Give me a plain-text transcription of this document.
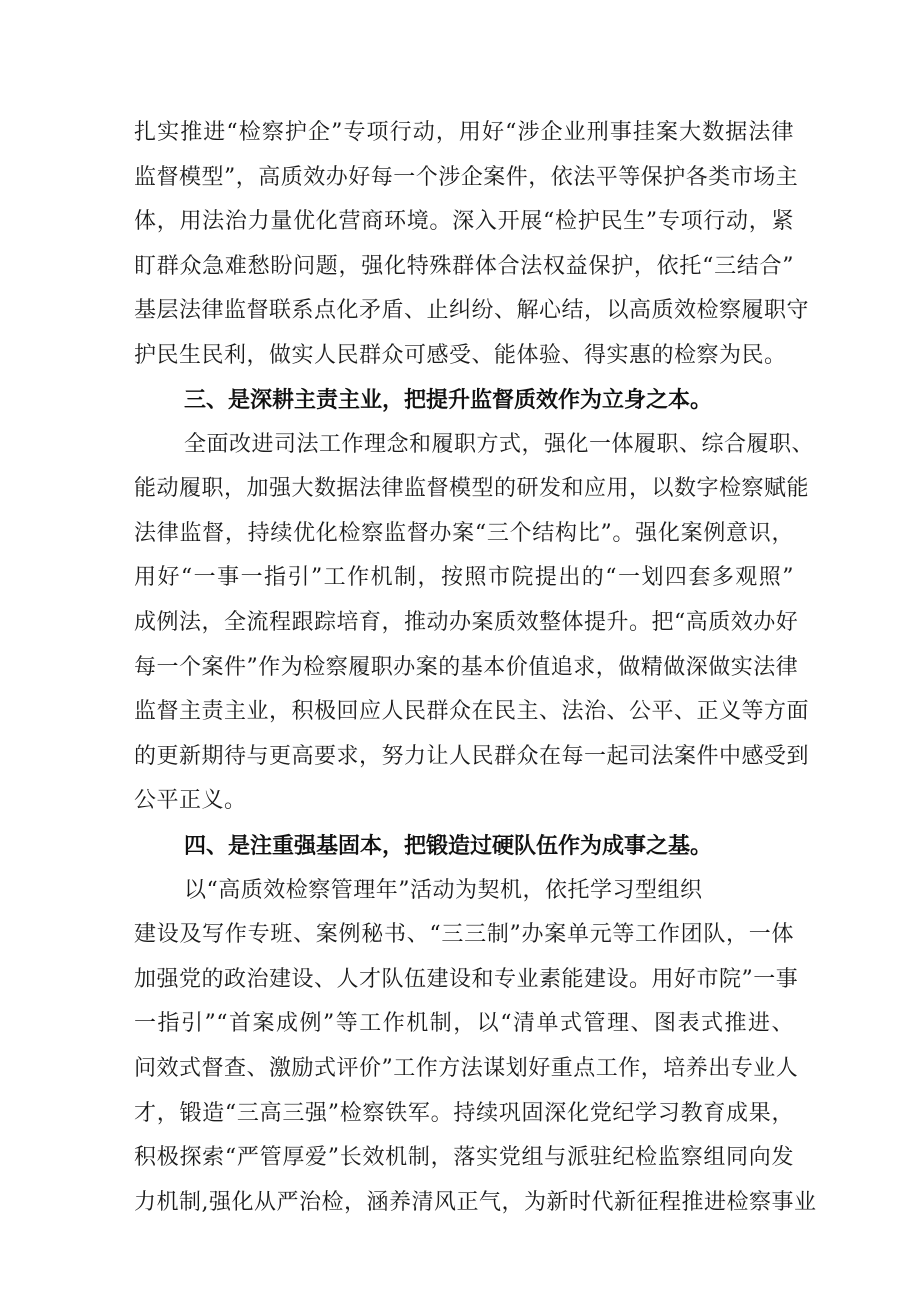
扎实推进“检察护企”专项行动，用好“涉企业刑事挂案大数据法律
监督模型”，高质效办好每一个涉企案件，依法平等保护各类市场主
体，用法治力量优化营商环境。深入开展“检护民生”专项行动，紧
盯群众急难愁盼问题，强化特殊群体合法权益保护，依托“三结合”
基层法律监督联系点化矛盾、止纠纷、解心结，以高质效检察履职守
护民生民利，做实人民群众可感受、能体验、得实惠的检察为民。
三、是深耕主责主业，把提升监督质效作为立身之本。
全面改进司法工作理念和履职方式，强化一体履职、综合履职、
能动履职，加强大数据法律监督模型的研发和应用，以数字检察赋能
法律监督，持续优化检察监督办案“三个结构比”。强化案例意识，
用好“一事一指引”工作机制，按照市院提出的“一划四套多观照”
成例法，全流程跟踪培育，推动办案质效整体提升。把“高质效办好
每一个案件”作为检察履职办案的基本价值追求，做精做深做实法律
监督主责主业，积极回应人民群众在民主、法治、公平、正义等方面
的更新期待与更高要求，努力让人民群众在每一起司法案件中感受到
公平正义。
四、是注重强基固本，把锻造过硬队伍作为成事之基。
以“高质效检察管理年”活动为契机，依托学习型组织
建设及写作专班、案例秘书、“三三制”办案单元等工作团队，一体
加强党的政治建设、人才队伍建设和专业素能建设。用好市院”一事
一指引”“首案成例”等工作机制，以“清单式管理、图表式推进、
问效式督查、激励式评价”工作方法谋划好重点工作，培养出专业人
才，锻造“三高三强”检察铁军。持续巩固深化党纪学习教育成果，
积极探索“严管厚爱”长效机制，落实党组与派驻纪检监察组同向发
力机制,强化从严治检，涵养清风正气，为新时代新征程推进检察事业
